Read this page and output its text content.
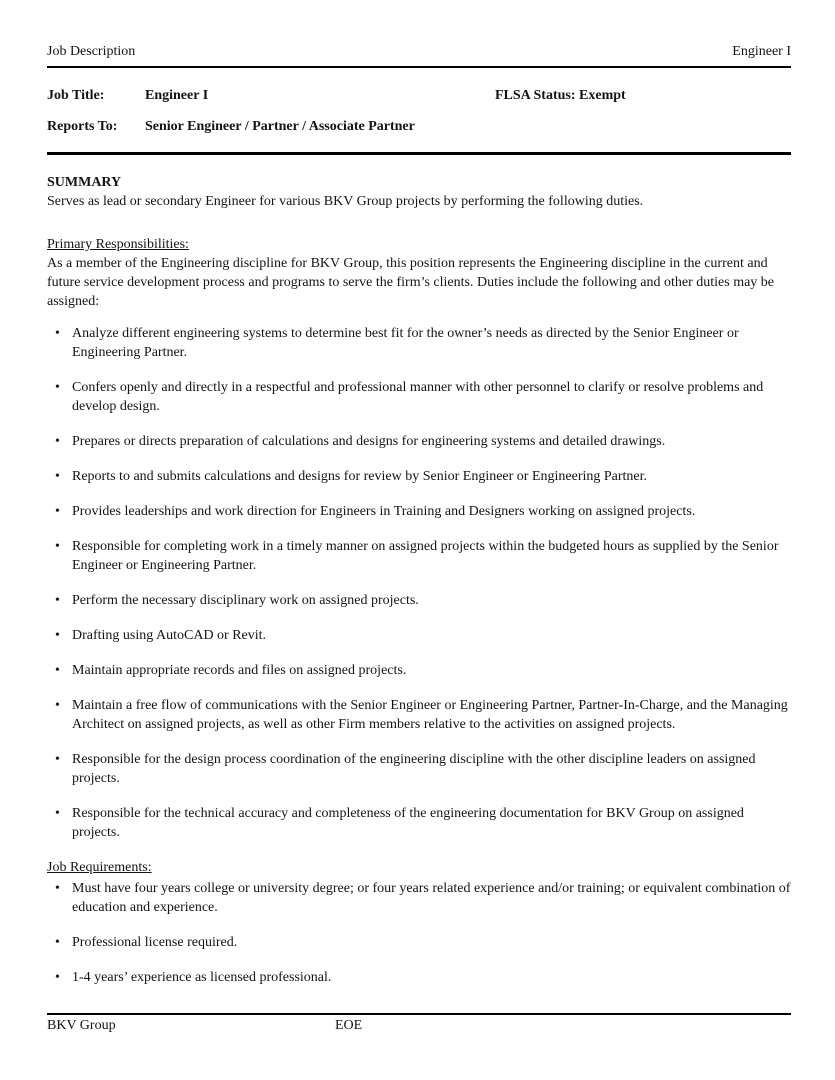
Job Description	Engineer I
Job Title:	Engineer I	FLSA Status: Exempt
Reports To:	Senior Engineer / Partner / Associate Partner
SUMMARY
Serves as lead or secondary Engineer for various BKV Group projects by performing the following duties.
Primary Responsibilities:
As a member of the Engineering discipline for BKV Group, this position represents the Engineering discipline in the current and future service development process and programs to serve the firm’s clients. Duties include the following and other duties may be assigned:
• Analyze different engineering systems to determine best fit for the owner’s needs as directed by the Senior Engineer or Engineering Partner.
• Confers openly and directly in a respectful and professional manner with other personnel to clarify or resolve problems and develop design.
• Prepares or directs preparation of calculations and designs for engineering systems and detailed drawings.
• Reports to and submits calculations and designs for review by Senior Engineer or Engineering Partner.
• Provides leaderships and work direction for Engineers in Training and Designers working on assigned projects.
• Responsible for completing work in a timely manner on assigned projects within the budgeted hours as supplied by the Senior Engineer or Engineering Partner.
• Perform the necessary disciplinary work on assigned projects.
• Drafting using AutoCAD or Revit.
• Maintain appropriate records and files on assigned projects.
• Maintain a free flow of communications with the Senior Engineer or Engineering Partner, Partner-In-Charge, and the Managing Architect on assigned projects, as well as other Firm members relative to the activities on assigned projects.
• Responsible for the design process coordination of the engineering discipline with the other discipline leaders on assigned projects.
• Responsible for the technical accuracy and completeness of the engineering documentation for BKV Group on assigned projects.
Job Requirements:
• Must have four years college or university degree; or four years related experience and/or training; or equivalent combination of education and experience.
• Professional license required.
• 1-4 years’ experience as licensed professional.
BKV Group	EOE
